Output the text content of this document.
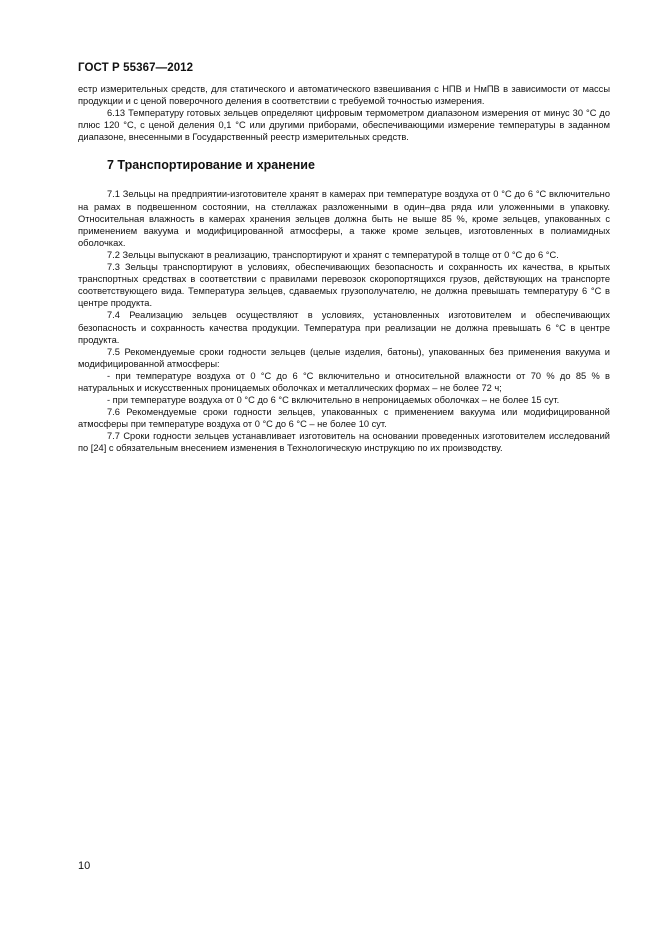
ГОСТ Р 55367—2012

естр измерительных средств, для статического и автоматического взвешивания с НПВ и НмПВ в зависимости от массы продукции и с ценой поверочного деления в соответствии с требуемой точностью измерения.

6.13 Температуру готовых зельцев определяют цифровым термометром диапазоном измерения от минус 30 °С до плюс 120 °С, с ценой деления 0,1 °С или другими приборами, обеспечивающими измерение температуры в заданном диапазоне, внесенными в Государственный реестр измерительных средств.

7 Транспортирование и хранение

7.1 Зельцы на предприятии-изготовителе хранят в камерах при температуре воздуха от 0 °С до 6 °С включительно на рамах в подвешенном состоянии, на стеллажах разложенными в один–два ряда или уложенными в упаковку. Относительная влажность в камерах хранения зельцев должна быть не выше 85 %, кроме зельцев, упакованных с применением вакуума и модифицированной атмосферы, а также кроме зельцев, изготовленных в полиамидных оболочках.

7.2 Зельцы выпускают в реализацию, транспортируют и хранят с температурой в толще от 0 °С до 6 °С.

7.3 Зельцы транспортируют в условиях, обеспечивающих безопасность и сохранность их качества, в крытых транспортных средствах в соответствии с правилами перевозок скоропортящихся грузов, действующих на транспорте соответствующего вида. Температура зельцев, сдаваемых грузополучателю, не должна превышать температуру 6 °С в центре продукта.

7.4 Реализацию зельцев осуществляют в условиях, установленных изготовителем и обеспечивающих безопасность и сохранность качества продукции. Температура при реализации не должна превышать 6 °С в центре продукта.

7.5 Рекомендуемые сроки годности зельцев (целые изделия, батоны), упакованных без применения вакуума и модифицированной атмосферы:

- при температуре воздуха от 0 °С до 6 °С включительно и относительной влажности от 70 % до 85 % в натуральных и искусственных проницаемых оболочках и металлических формах – не более 72 ч;

- при температуре воздуха от 0 °С до 6 °С включительно в непроницаемых оболочках – не более 15 сут.

7.6 Рекомендуемые сроки годности зельцев, упакованных с применением вакуума или модифицированной атмосферы при температуре воздуха от 0 °С до 6 °С – не более 10 сут.

7.7 Сроки годности зельцев устанавливает изготовитель на основании проведенных изготовителем исследований по [24] с обязательным внесением изменения в Технологическую инструкцию по их производству.

10
